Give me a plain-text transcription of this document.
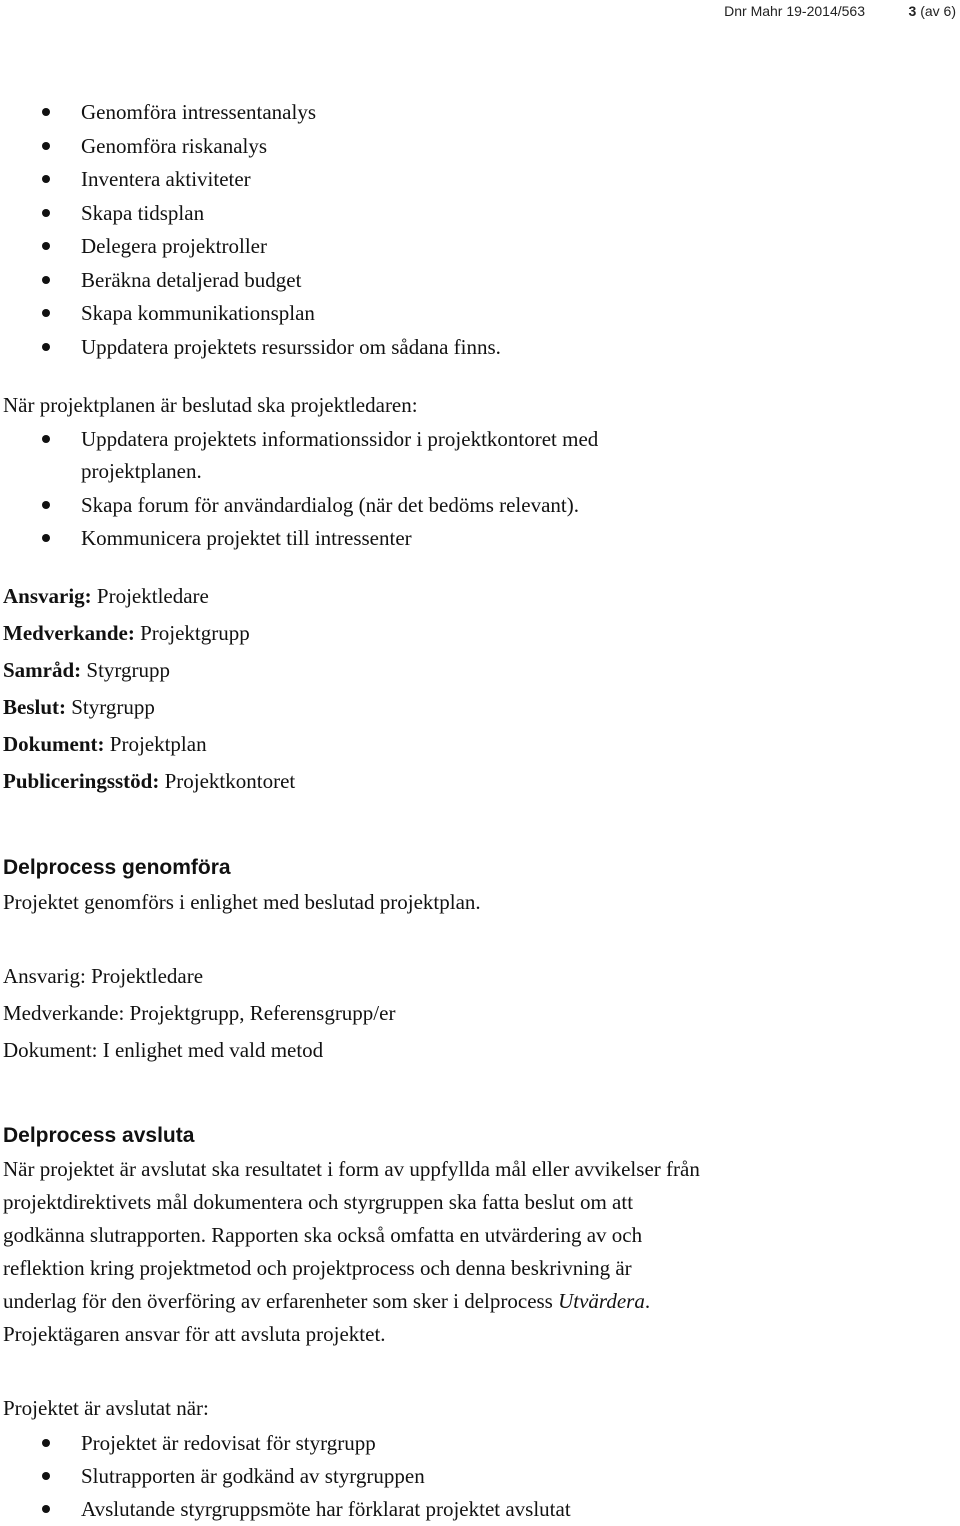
Dnr Mahr 19-2014/563	3 (av 6)
Genomföra intressentanalys
Genomföra riskanalys
Inventera aktiviteter
Skapa tidsplan
Delegera projektroller
Beräkna detaljerad budget
Skapa kommunikationsplan
Uppdatera projektets resurssidor om sådana finns.
När projektplanen är beslutad ska projektledaren:
Uppdatera projektets informationssidor i projektkontoret med
projektplanen.
Skapa forum för användardialog (när det bedöms relevant).
Kommunicera projektet till intressenter
Ansvarig: Projektledare
Medverkande: Projektgrupp
Samråd: Styrgrupp
Beslut: Styrgrupp
Dokument: Projektplan
Publiceringsstöd: Projektkontoret
Delprocess genomföra
Projektet genomförs i enlighet med beslutad projektplan.
Ansvarig: Projektledare
Medverkande: Projektgrupp, Referensgrupp/er
Dokument: I enlighet med vald metod
Delprocess avsluta
När projektet är avslutat ska resultatet i form av uppfyllda mål eller avvikelser från
projektdirektivets mål dokumentera och styrgruppen ska fatta beslut om att
godkänna slutrapporten. Rapporten ska också omfatta en utvärdering av och
reflektion kring projektmetod och projektprocess och denna beskrivning är
underlag för den överföring av erfarenheter som sker i delprocess Utvärdera.
Projektägaren ansvar för att avsluta projektet.
Projektet är avslutat när:
Projektet är redovisat för styrgrupp
Slutrapporten är godkänd av styrgruppen
Avslutande styrgruppsmöte har förklarat projektet avslutat
